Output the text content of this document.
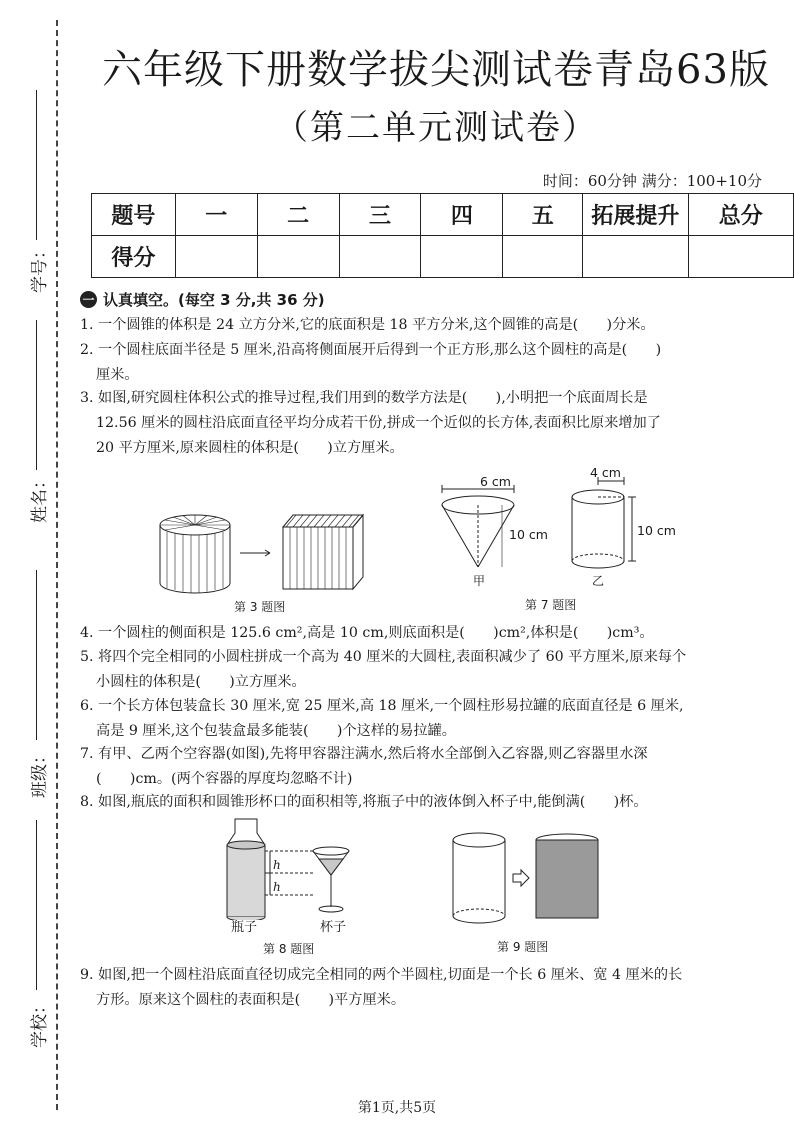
学号：
姓名：
班级：
学校：
六年级下册数学拔尖测试卷青岛63版
（第二单元测试卷）
时间：60分钟 满分：100+10分
题号	一	二	三	四	五	拓展提升	总分
得分							
一 认真填空。(每空 3 分,共 36 分)
1. 一个圆锥的体积是 24 立方分米,它的底面积是 18 平方分米,这个圆锥的高是(　　)分米。
2. 一个圆柱底面半径是 5 厘米,沿高将侧面展开后得到一个正方形,那么这个圆柱的高是(　　)
厘米。
3. 如图,研究圆柱体积公式的推导过程,我们用到的数学方法是(　　),小明把一个底面周长是
12.56 厘米的圆柱沿底面直径平均分成若干份,拼成一个近似的长方体,表面积比原来增加了
20 平方厘米,原来圆柱的体积是(　　)立方厘米。
第 3 题图
6 cm
10 cm
4 cm
10 cm
甲	乙
第 7 题图
4. 一个圆柱的侧面积是 125.6 cm²,高是 10 cm,则底面积是(　　)cm²,体积是(　　)cm³。
5. 将四个完全相同的小圆柱拼成一个高为 40 厘米的大圆柱,表面积减少了 60 平方厘米,原来每个
小圆柱的体积是(　　)立方厘米。
6. 一个长方体包装盒长 30 厘米,宽 25 厘米,高 18 厘米,一个圆柱形易拉罐的底面直径是 6 厘米,
高是 9 厘米,这个包装盒最多能装(　　)个这样的易拉罐。
7. 有甲、乙两个空容器(如图),先将甲容器注满水,然后将水全部倒入乙容器,则乙容器里水深
(　　)cm。(两个容器的厚度均忽略不计)
8. 如图,瓶底的面积和圆锥形杯口的面积相等,将瓶子中的液体倒入杯子中,能倒满(　　)杯。
h
h
瓶子	杯子
第 8 题图	第 9 题图
9. 如图,把一个圆柱沿底面直径切成完全相同的两个半圆柱,切面是一个长 6 厘米、宽 4 厘米的长
方形。原来这个圆柱的表面积是(　　)平方厘米。
第1页,共5页
